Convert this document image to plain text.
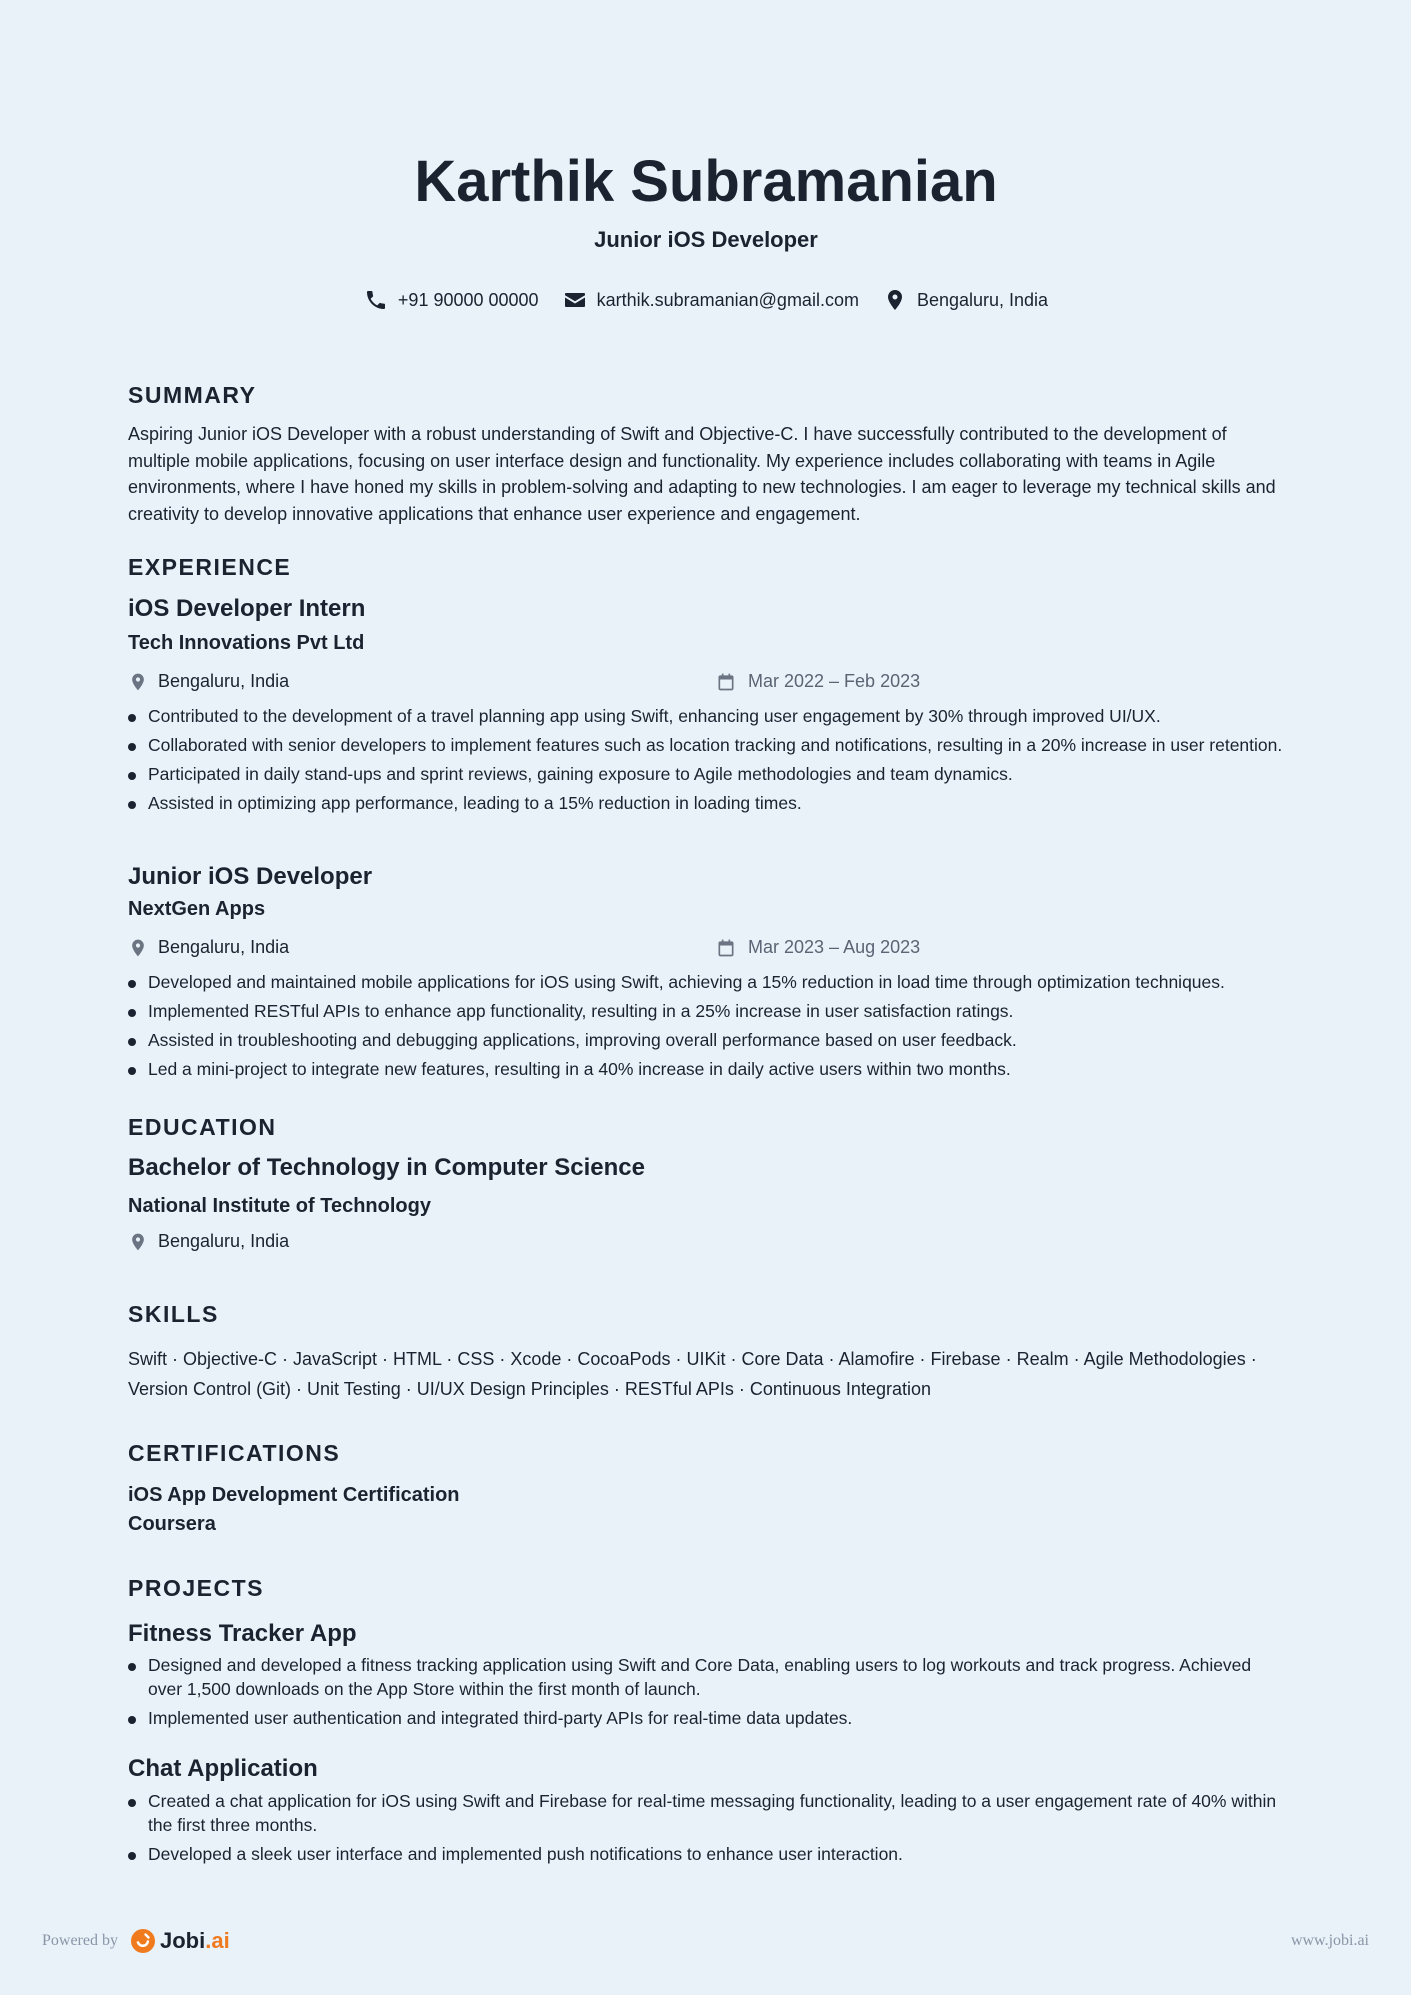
Karthik Subramanian
Junior iOS Developer
+91 90000 00000	karthik.subramanian@gmail.com	Bengaluru, India
SUMMARY
Aspiring Junior iOS Developer with a robust understanding of Swift and Objective-C. I have successfully contributed to the development of multiple mobile applications, focusing on user interface design and functionality. My experience includes collaborating with teams in Agile environments, where I have honed my skills in problem-solving and adapting to new technologies. I am eager to leverage my technical skills and creativity to develop innovative applications that enhance user experience and engagement.
EXPERIENCE
iOS Developer Intern
Tech Innovations Pvt Ltd
Bengaluru, India	Mar 2022 – Feb 2023
Contributed to the development of a travel planning app using Swift, enhancing user engagement by 30% through improved UI/UX.
Collaborated with senior developers to implement features such as location tracking and notifications, resulting in a 20% increase in user retention.
Participated in daily stand-ups and sprint reviews, gaining exposure to Agile methodologies and team dynamics.
Assisted in optimizing app performance, leading to a 15% reduction in loading times.
Junior iOS Developer
NextGen Apps
Bengaluru, India	Mar 2023 – Aug 2023
Developed and maintained mobile applications for iOS using Swift, achieving a 15% reduction in load time through optimization techniques.
Implemented RESTful APIs to enhance app functionality, resulting in a 25% increase in user satisfaction ratings.
Assisted in troubleshooting and debugging applications, improving overall performance based on user feedback.
Led a mini-project to integrate new features, resulting in a 40% increase in daily active users within two months.
EDUCATION
Bachelor of Technology in Computer Science
National Institute of Technology
Bengaluru, India
SKILLS
Swift · Objective-C · JavaScript · HTML · CSS · Xcode · CocoaPods · UIKit · Core Data · Alamofire · Firebase · Realm · Agile Methodologies · Version Control (Git) · Unit Testing · UI/UX Design Principles · RESTful APIs · Continuous Integration
CERTIFICATIONS
iOS App Development Certification
Coursera
PROJECTS
Fitness Tracker App
Designed and developed a fitness tracking application using Swift and Core Data, enabling users to log workouts and track progress. Achieved over 1,500 downloads on the App Store within the first month of launch.
Implemented user authentication and integrated third-party APIs for real-time data updates.
Chat Application
Created a chat application for iOS using Swift and Firebase for real-time messaging functionality, leading to a user engagement rate of 40% within the first three months.
Developed a sleek user interface and implemented push notifications to enhance user interaction.
Powered by Jobi .ai	www.jobi.ai
